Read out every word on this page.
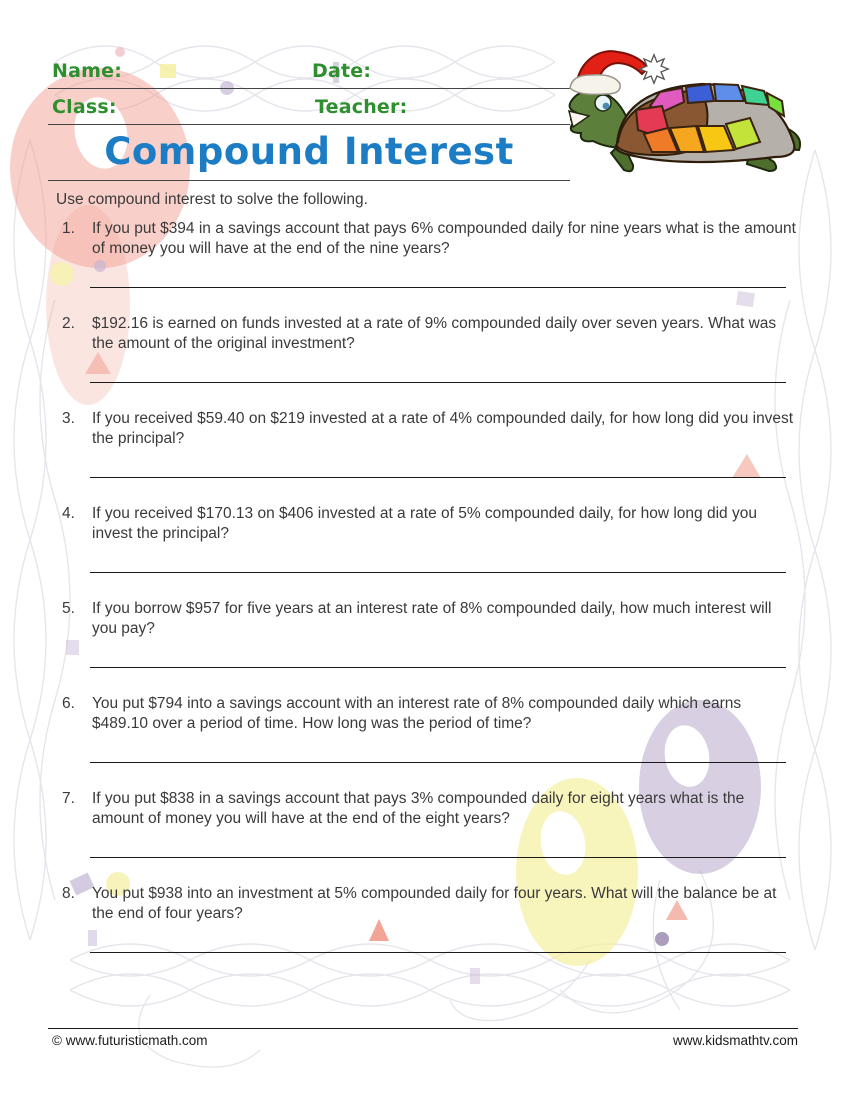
Name:	Date:
Class:	Teacher:
Compound Interest
Use compound interest to solve the following.
1.	If you put $394 in a savings account that pays 6% compounded daily for nine years what is the amount of money you will have at the end of the nine years?
2.	$192.16 is earned on funds invested at a rate of 9% compounded daily over seven years. What was the amount of the original investment?
3.	If you received $59.40 on $219 invested at a rate of 4% compounded daily, for how long did you invest the principal?
4.	If you received $170.13 on $406 invested at a rate of 5% compounded daily, for how long did you invest the principal?
5.	If you borrow $957 for five years at an interest rate of 8% compounded daily, how much interest will you pay?
6.	You put $794 into a savings account with an interest rate of 8% compounded daily which earns $489.10 over a period of time. How long was the period of time?
7.	If you put $838 in a savings account that pays 3% compounded daily for eight years what is the amount of money you will have at the end of the eight years?
8.	You put $938 into an investment at 5% compounded daily for four years. What will the balance be at the end of four years?
© www.futuristicmath.com	www.kidsmathtv.com
